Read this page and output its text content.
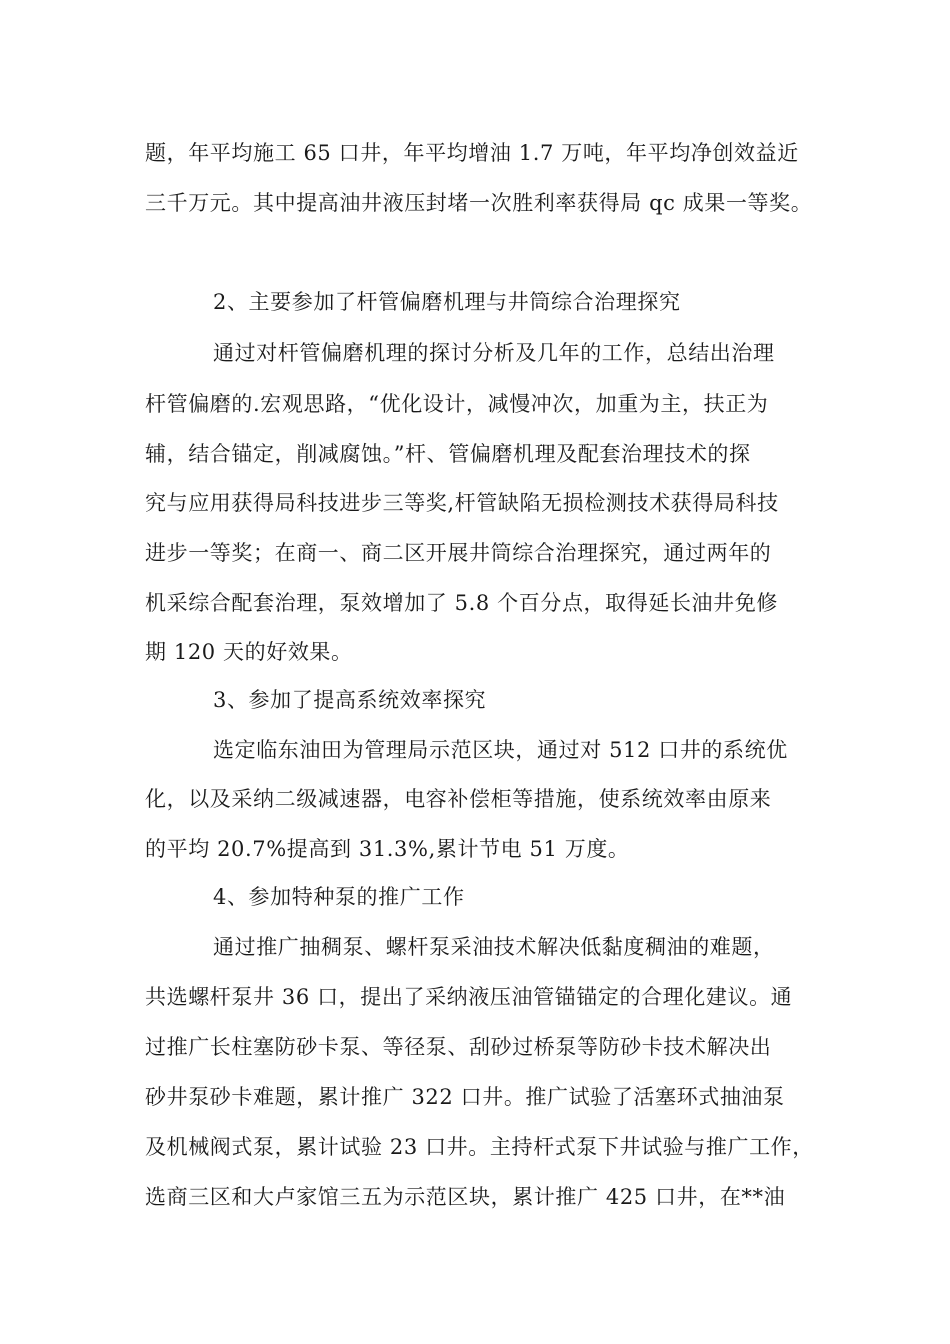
题，年平均施工 65 口井，年平均增油 1.7 万吨，年平均净创效益近
三千万元。其中提高油井液压封堵一次胜利率获得局 qc 成果一等奖。
2、主要参加了杆管偏磨机理与井筒综合治理探究
通过对杆管偏磨机理的探讨分析及几年的工作，总结出治理
杆管偏磨的.宏观思路，“优化设计，减慢冲次，加重为主，扶正为
辅，结合锚定，削减腐蚀。”杆、管偏磨机理及配套治理技术的探
究与应用获得局科技进步三等奖,杆管缺陷无损检测技术获得局科技
进步一等奖；在商一、商二区开展井筒综合治理探究，通过两年的
机采综合配套治理，泵效增加了 5.8 个百分点，取得延长油井免修
期 120 天的好效果。
3、参加了提高系统效率探究
选定临东油田为管理局示范区块，通过对 512 口井的系统优
化，以及采纳二级减速器，电容补偿柜等措施，使系统效率由原来
的平均 20.7%提高到 31.3%,累计节电 51 万度。
4、参加特种泵的推广工作
通过推广抽稠泵、螺杆泵采油技术解决低黏度稠油的难题，
共选螺杆泵井 36 口，提出了采纳液压油管锚锚定的合理化建议。通
过推广长柱塞防砂卡泵、等径泵、刮砂过桥泵等防砂卡技术解决出
砂井泵砂卡难题，累计推广 322 口井。推广试验了活塞环式抽油泵
及机械阀式泵，累计试验 23 口井。主持杆式泵下井试验与推广工作，
选商三区和大卢家馆三五为示范区块，累计推广 425 口井，在**油
